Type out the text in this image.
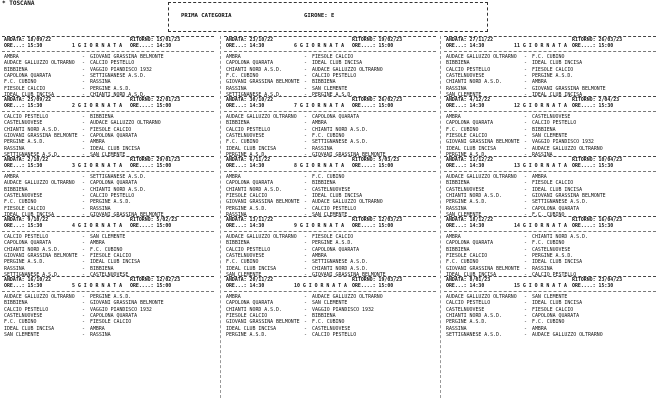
* TOSCANA
PRIMA CATEGORIA	GIRONE: E
ANDATA: 18/09/22	RITORNO: 15/01/23
ORE...: 15:30	1 G I O R N A T A ORE....: 14:30
AMBRA	- GIOVANI GRASSINA BELMONTE
AUDACE GALLUZZO OLTRARNO - CALCIO PESTELLO
BIBBIENA	- VAGGIO PIANDISCO 1932
CAPOLONA QUARATA	- SETTIGNANESE A.S.D.
F.C. CUBINO	- RASSINA
FIESOLE CALCIO	- PERGINE A.S.D.
IDEAL CLUB INCISA	- CHIANTI NORD A.S.D.
ANDATA: 25/09/22	RITORNO: 22/01/23
ORE...: 15:30	2 G I O R N A T A ORE....: 15:00
CALCIO PESTELLO	- BIBBIENA
CASTELNUOVESE	- AUDACE GALLUZZO OLTRARNO
CHIANTI NORD A.S.D.	- FIESOLE CALCIO
GIOVANI GRASSINA BELMONTE - CAPOLONA QUARATA
PERGINE A.S.D.	- AMBRA
RASSINA	- IDEAL CLUB INCISA
SETTIGNANESE A.S.D.	- SAN CLEMENTE
ANDATA: 2/10/22	RITORNO: 29/01/23
ORE...: 15:30	3 G I O R N A T A ORE....: 15:00
AMBRA	- SETTIGNANESE A.S.D.
AUDACE GALLUZZO OLTRARNO - CAPOLONA QUARATA
BIBBIENA	- CHIANTI NORD A.S.D.
CASTELNUOVESE	- CALCIO PESTELLO
F.C. CUBINO	- PERGINE A.S.D.
FIESOLE CALCIO	- RASSINA
IDEAL CLUB INCISA	- GIOVANI GRASSINA BELMONTE
ANDATA: 9/10/22	RITORNO: 5/02/23
ORE...: 15:30	4 G I O R N A T A ORE....: 15:00
CALCIO PESTELLO	- SAN CLEMENTE
CAPOLONA QUARATA	- AMBRA
CHIANTI NORD A.S.D.	- F.C. CUBINO
GIOVANI GRASSINA BELMONTE - FIESOLE CALCIO
PERGINE A.S.D.	- IDEAL CLUB INCISA
RASSINA	- BIBBIENA
SETTIGNANESE A.S.D.	- CASTELNUOVESE
ANDATA: 16/10/22	RITORNO: 12/02/23
ORE...: 15:30	5 G I O R N A T A ORE....: 15:00
AUDACE GALLUZZO OLTRARNO - PERGINE A.S.D.
BIBBIENA	- GIOVANI GRASSINA BELMONTE
CALCIO PESTELLO	- VAGGIO PIANDISCO 1932
CASTELNUOVESE	- CAPOLONA QUARATA
F.C. CUBINO	- FIESOLE CALCIO
IDEAL CLUB INCISA	- AMBRA
SAN CLEMENTE	- RASSINA
ANDATA: 23/10/22	RITORNO: 19/02/23
ORE...: 14:30	6 G I O R N A T A ORE....: 15:00
AMBRA	- FIESOLE CALCIO
CAPOLONA QUARATA	- IDEAL CLUB INCISA
CHIANTI NORD A.S.D.	- AUDACE GALLUZZO OLTRARNO
F.C. CUBINO	- CALCIO PESTELLO
GIOVANI GRASSINA BELMONTE - BIBBIENA
RASSINA	- SAN CLEMENTE
SETTIGNANESE A.S.D.	- PERGINE A.S.D.
ANDATA: 30/10/22	RITORNO: 26/02/23
ORE...: 14:30	7 G I O R N A T A ORE....: 15:00
AUDACE GALLUZZO OLTRARNO - CAPOLONA QUARATA
BIBBIENA	- AMBRA
CALCIO PESTELLO	- CHIANTI NORD A.S.D.
CASTELNUOVESE	- F.C. CUBINO
F.C. CUBINO	- SETTIGNANESE A.S.D.
IDEAL CLUB INCISA	- RASSINA
PERGINE A.S.D.	- GIOVANI GRASSINA BELMONTE
ANDATA: 6/11/22	RITORNO: 5/03/23
ORE...: 14:30	8 G I O R N A T A ORE....: 15:00
AMBRA	- F.C. CUBINO
CAPOLONA QUARATA	- BIBBIENA
CHIANTI NORD A.S.D.	- CASTELNUOVESE
FIESOLE CALCIO	- IDEAL CLUB INCISA
GIOVANI GRASSINA BELMONTE - AUDACE GALLUZZO OLTRARNO
PERGINE A.S.D.	- CALCIO PESTELLO
RASSINA	- SAN CLEMENTE
ANDATA: 13/11/22	RITORNO: 12/03/23
ORE...: 14:30	9 G I O R N A T A ORE....: 15:00
AUDACE GALLUZZO OLTRARNO - FIESOLE CALCIO
BIBBIENA	- PERGINE A.S.D.
CALCIO PESTELLO	- CAPOLONA QUARATA
CASTELNUOVESE	- AMBRA
F.C. CUBINO	- SETTIGNANESE A.S.D.
IDEAL CLUB INCISA	- CHIANTI NORD A.S.D.
SAN CLEMENTE	- GIOVANI GRASSINA BELMONTE
ANDATA: 20/11/22	RITORNO: 19/03/23
ORE...: 14:30	10 G I O R N A T A ORE....: 15:00
AMBRA	- AUDACE GALLUZZO OLTRARNO
CAPOLONA QUARATA	- SAN CLEMENTE
CHIANTI NORD A.S.D.	- VAGGIO PIANDISCO 1932
FIESOLE CALCIO	- BIBBIENA
GIOVANI GRASSINA BELMONTE - F.C. CUBINO
IDEAL CLUB INCISA	- CASTELNUOVESE
PERGINE A.S.D.	- CALCIO PESTELLO
ANDATA: 27/11/22	RITORNO: 26/03/23
ORE...: 14:30	11 G I O R N A T A ORE....: 15:00
AUDACE GALLUZZO OLTRARNO - F.C. CUBINO
BIBBIENA	- IDEAL CLUB INCISA
CALCIO PESTELLO	- FIESOLE CALCIO
CASTELNUOVESE	- PERGINE A.S.D.
CHIANTI NORD A.S.D.	- AMBRA
RASSINA	- GIOVANI GRASSINA BELMONTE
SAN CLEMENTE	- IDEAL CLUB INCISA
ANDATA: 4/12/22	RITORNO: 2/04/23
ORE...: 14:30	12 G I O R N A T A ORE....: 15:30
AMBRA	- CASTELNUOVESE
CAPOLONA QUARATA	- CALCIO PESTELLO
F.C. CUBINO	- BIBBIENA
FIESOLE CALCIO	- SAN CLEMENTE
GIOVANI GRASSINA BELMONTE - VAGGIO PIANDISCO 1932
IDEAL CLUB INCISA	- AUDACE GALLUZZO OLTRARNO
PERGINE A.S.D.	- RASSINA
ANDATA: 11/12/22	RITORNO: 10/04/23
ORE...: 14:30	13 G I O R N A T A ORE....: 15:30
AUDACE GALLUZZO OLTRARNO - AMBRA
BIBBIENA	- FIESOLE CALCIO
CASTELNUOVESE	- IDEAL CLUB INCISA
CHIANTI NORD A.S.D.	- GIOVANI GRASSINA BELMONTE
PERGINE A.S.D.	- SETTIGNANESE A.S.D.
RASSINA	- CAPOLONA QUARATA
SAN CLEMENTE	- F.C. CUBINO
ANDATA: 18/12/22	RITORNO: 16/04/23
ORE...: 14:30	14 G I O R N A T A ORE....: 15:30
AMBRA	- CHIANTI NORD A.S.D.
CAPOLONA QUARATA	- F.C. CUBINO
BIBBIENA	- CASTELNUOVESE
FIESOLE CALCIO	- PERGINE A.S.D.
F.C. CUBINO	- IDEAL CLUB INCISA
GIOVANI GRASSINA BELMONTE - RASSINA
IDEAL CLUB INCISA	- CALCIO PESTELLO
ANDATA: 8/01/23	RITORNO: 23/04/23
ORE...: 14:30	15 G I O R N A T A ORE....: 15:30
AUDACE GALLUZZO OLTRARNO - SAN CLEMENTE
CALCIO PESTELLO	- IDEAL CLUB INCISA
CASTELNUOVESE	- FIESOLE CALCIO
CHIANTI NORD A.S.D.	- CAPOLONA QUARATA
PERGINE A.S.D.	- F.C. CUBINO
RASSINA	- AMBRA
SETTIGNANESE A.S.D.	- AUDACE GALLUZZO OLTRARNO
